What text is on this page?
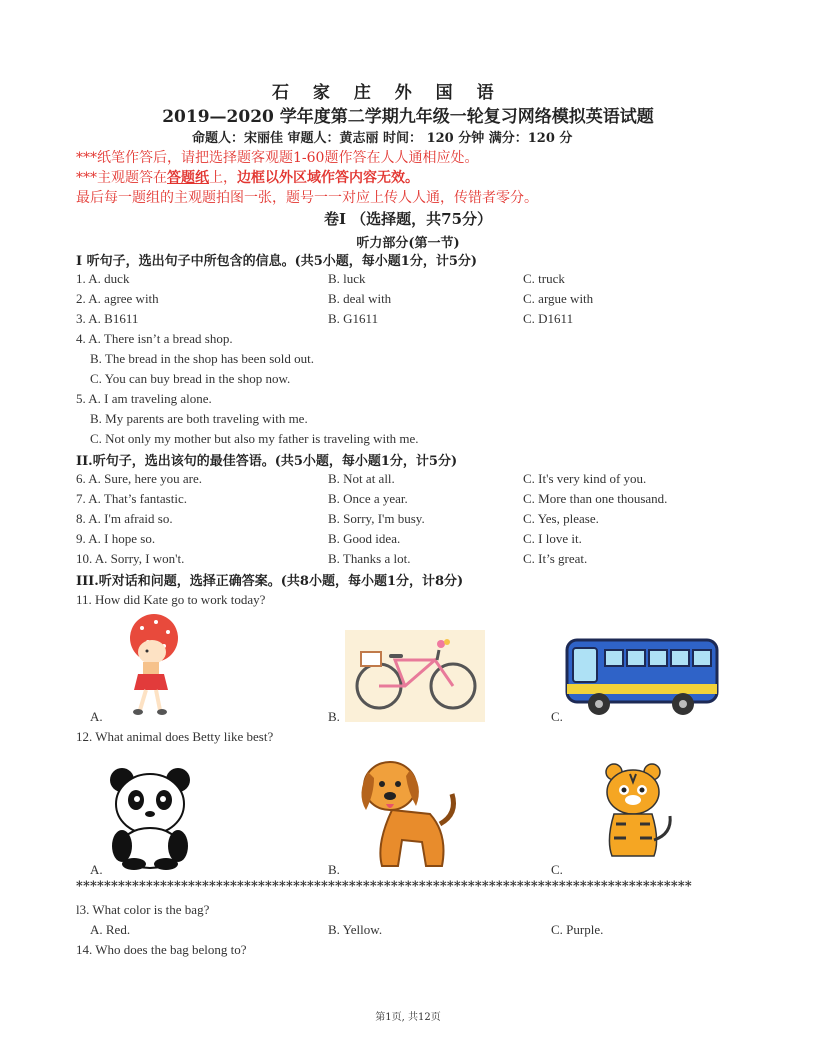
石 家 庄 外 国 语
2019—2020 学年度第二学期九年级一轮复习网络模拟英语试题
命题人：宋丽佳 审题人：黄志丽 时间： 120 分钟 满分：120 分
***纸笔作答后，请把选择题客观题1-60题作答在人人通相应处。
***主观题答在答题纸上，边框以外区域作答内容无效。
最后每一题组的主观题拍图一张，题号一一对应上传人人通，传错者零分。
卷I （选择题，共75分）
听力部分(第一节)
I 听句子，选出句子中所包含的信息。(共5小题，每小题1分，计5分)
1. A. duck	B. luck	C. truck
2. A. agree with	B. deal with	C. argue with
3. A. B1611	B. G1611	C. D1611
4. A. There isn’t a bread shop.
B. The bread in the shop has been sold out.
C. You can buy bread in the shop now.
5. A. I am traveling alone.
B. My parents are both traveling with me.
C. Not only my mother but also my father is traveling with me.
II.听句子，选出该句的最佳答语。(共5小题，每小题1分，计5分)
6. A. Sure, here you are.	B. Not at all.	C. It's very kind of you.
7. A. That’s fantastic.	B. Once a year.	C. More than one thousand.
8. A. I'm afraid so.	B. Sorry, I'm busy.	C. Yes, please.
9. A. I hope so.	B. Good idea.	C. I love it.
10. A. Sorry, I won't.	B. Thanks a lot.	C. It’s great.
III.听对话和问题，选择正确答案。(共8小题，每小题1分，计8分)
11. How did Kate go to work today?
A.	B.	C.
12. What animal does Betty like best?
A.	B.	C.
****************************************************************************************
l3. What color is the bag?
A. Red.	B. Yellow.	C. Purple.
14. Who does the bag belong to?
第1页, 共12页
